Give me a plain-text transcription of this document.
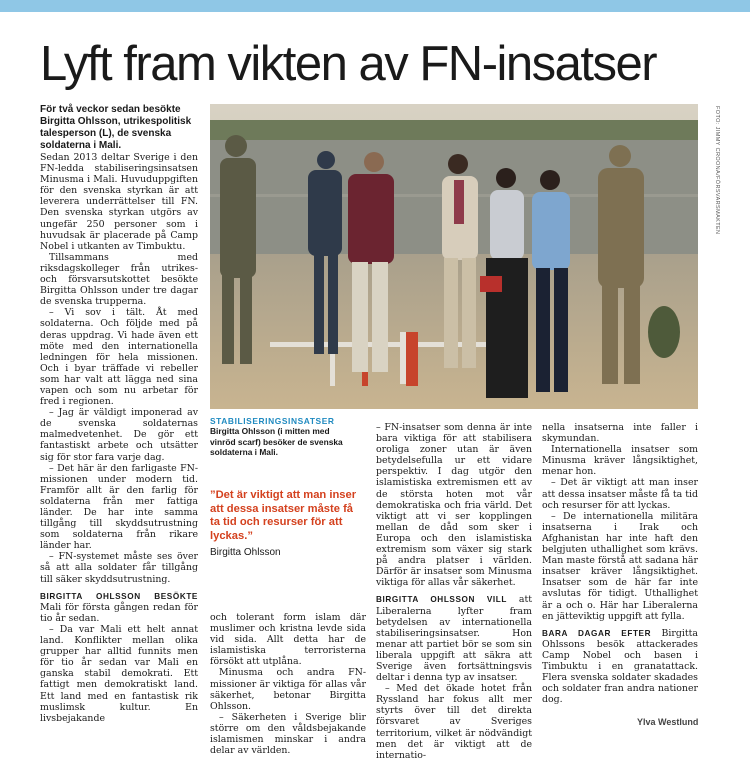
Lyft fram vikten av FN-insatser

För två veckor sedan besökte Birgitta Ohlsson, utrikespolitisk talesperson (L), de svenska soldaterna i Mali.

Sedan 2013 deltar Sverige i den FN-ledda stabiliseringsinsatsen Minusma i Mali. Huvuduppgiften för den svenska styrkan är att leverera underrättelser till FN. Den svenska styrkan utgörs av ungefär 250 personer som i huvudsak är placerade på Camp Nobel i utkanten av Timbuktu.

Tillsammans med riksdagskolleger från utrikes- och försvarsutskottet besökte Birgitta Ohlsson under tre dagar de svenska trupperna.

– Vi sov i tält. Åt med soldaterna. Och följde med på deras uppdrag. Vi hade även ett möte med den internationella ledningen för hela missionen. Och i byar träffade vi rebeller som har valt att lägga ned sina vapen och som nu arbetar för fred i regionen.

– Jag är väldigt imponerad av de svenska soldaternas malmedvetenhet. De gör ett fantastiskt arbete och utsätter sig för stor fara varje dag.

– Det här är den farligaste FN-missionen under modern tid. Framför allt är den farlig för soldaterna från mer fattiga länder. De har inte samma tillgång till skyddsutrustning som soldaterna från rikare länder har.

– FN-systemet måste ses över så att alla soldater får tillgång till säker skyddsutrustning.

BIRGITTA OHLSSON BESÖKTE Mali för första gången redan för tio år sedan.

– Da var Mali ett helt annat land. Konflikter mellan olika grupper har alltid funnits men för tio år sedan var Mali en ganska stabil demokrati. Ett fattigt men demokratiskt land. Ett land med en fantastisk rik muslimsk kultur. En livsbejakande

FOTO: JIMMY CROONA/FÖRSVARSMAKTEN
STABILISERINGSINSATSER
Birgitta Ohlsson (i mitten med vinröd scarf) besöker de svenska soldaterna i Mali.
”Det är viktigt att man inser att dessa insatser måste få ta tid och resurser för att lyckas.”
Birgitta Ohlsson

och tolerant form islam där muslimer och kristna levde sida vid sida. Allt detta har de islamistiska terroristerna försökt att utplåna.

Minusma och andra FN-missioner är viktiga för allas vår säkerhet, betonar Birgitta Ohlsson.

– Säkerheten i Sverige blir större om den våldsbejakande islamismen minskar i andra delar av världen.

– FN-insatser som denna är inte bara viktiga för att stabilisera oroliga zoner utan är även betydelsefulla ur ett vidare perspektiv. I dag utgör den islamistiska extremismen ett av de största hoten mot vår demokratiska och fria värld. Det viktigt att vi ser kopplingen mellan de dåd som sker i Europa och den islamistiska extremism som växer sig stark på andra platser i världen. Därför är insatser som Minusma viktiga för allas vår säkerhet.

BIRGITTA OHLSSON VILL att Liberalerna lyfter fram betydelsen av internationella stabiliseringsinsatser. Hon menar att partiet bör se som sin liberala uppgift att säkra att Sverige även fortsättningsvis deltar i denna typ av insatser.

– Med det ökade hotet från Ryssland har fokus allt mer styrts över till det direkta försvaret av Sveriges territorium, vilket är nödvändigt men det är viktigt att de internatio-

nella insatserna inte faller i skymundan.

Internationella insatser som Minusma kräver långsiktighet, menar hon.

– Det är viktigt att man inser att dessa insatser måste få ta tid och resurser för att lyckas.

– De internationella militära insatserna i Irak och Afghanistan har inte haft den belgjuten uthallighet som krävs. Man maste förstå att sadana här insatser kräver långsiktighet. Insatser som de här far inte avslutas för tidigt. Uthallighet är a och o. Här har Liberalerna en jätteviktig uppgift att fylla.

BARA DAGAR EFTER Birgitta Ohlssons besök attackerades Camp Nobel och basen i Timbuktu i en granatattack. Flera svenska soldater skadades och soldater fran andra nationer dog.

Ylva Westlund
